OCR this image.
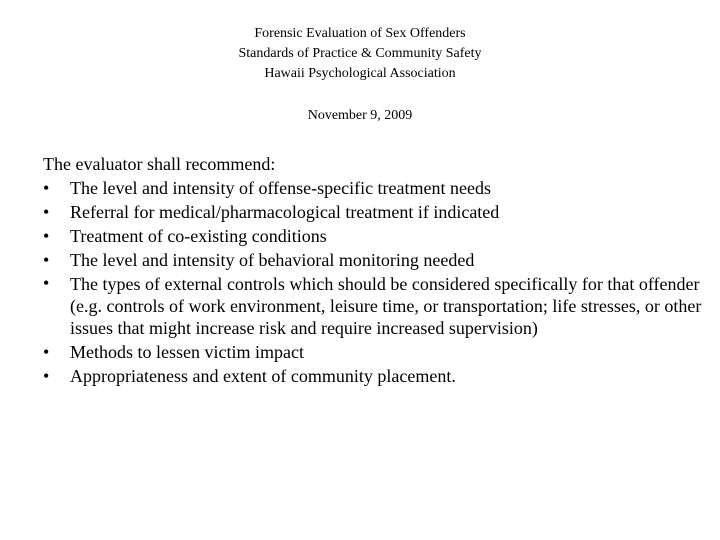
Forensic Evaluation of Sex Offenders
Standards of Practice & Community Safety
Hawaii Psychological Association
November 9, 2009
The evaluator shall recommend:
•	The level and intensity of offense-specific treatment needs
•	Referral for medical/pharmacological treatment if indicated
•	Treatment of co-existing conditions
•	The level and intensity of behavioral monitoring needed
•	The types of external controls which should be considered specifically for that offender (e.g. controls of work environment, leisure time, or transportation; life stresses, or other issues that might increase risk and require increased supervision)
•	Methods to lessen victim impact
•	Appropriateness and extent of community placement.
